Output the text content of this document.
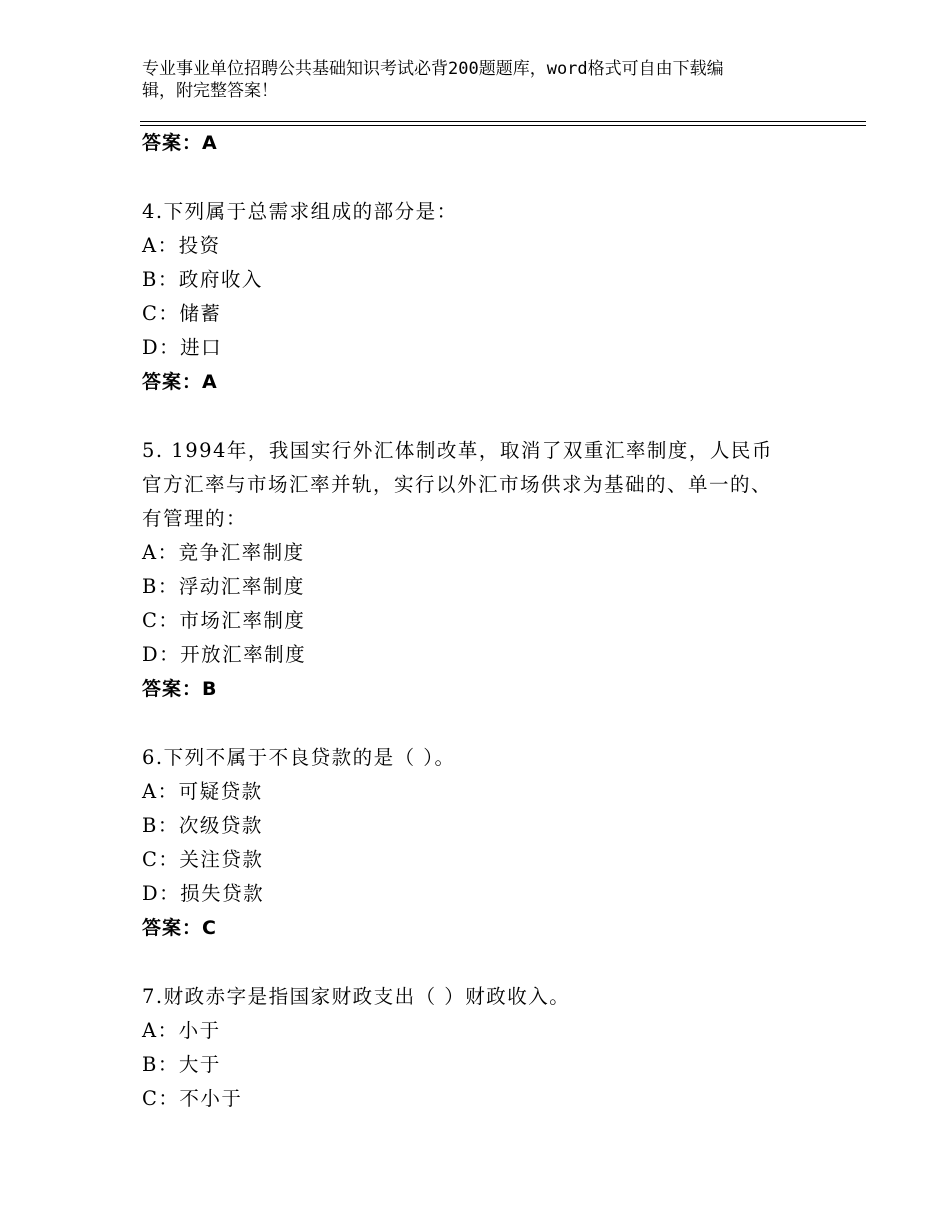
专业事业单位招聘公共基础知识考试必背200题题库，word格式可自由下载编
辑，附完整答案！
答案：A
4.下列属于总需求组成的部分是：
A：投资
B：政府收入
C：储蓄
D：进口
答案：A
5. 1994年，我国实行外汇体制改革，取消了双重汇率制度，人民币
官方汇率与市场汇率并轨，实行以外汇市场供求为基础的、单一的、
有管理的：
A：竞争汇率制度
B：浮动汇率制度
C：市场汇率制度
D：开放汇率制度
答案：B
6.下列不属于不良贷款的是（ ）。
A：可疑贷款
B：次级贷款
C：关注贷款
D：损失贷款
答案：C
7.财政赤字是指国家财政支出（ ）财政收入。
A：小于
B：大于
C：不小于
